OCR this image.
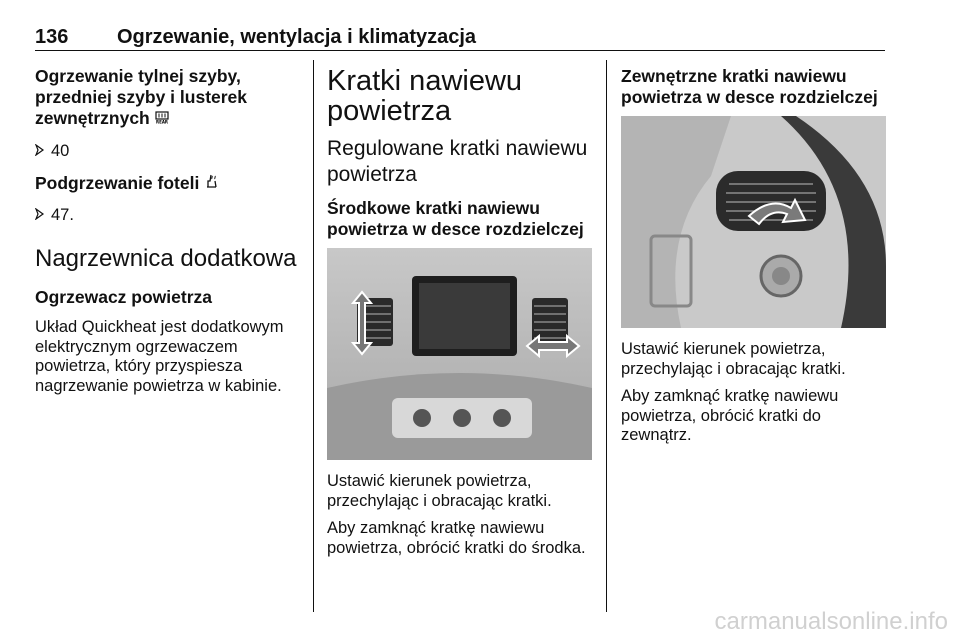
136 Ogrzewanie, wentylacja i klimatyzacja
Ogrzewanie tylnej szyby, przedniej szyby i lusterek zewnętrznych REAR
40
Podgrzewanie foteli
47.
Nagrzewnica dodatkowa
Ogrzewacz powietrza

Układ Quickheat jest dodatkowym elektrycznym ogrzewaczem powietrza, który przyspiesza nagrzewanie powietrza w kabinie.

Kratki nawiewu powietrza
Regulowane kratki nawiewu powietrza
Środkowe kratki nawiewu powietrza w desce rozdzielczej

Ustawić kierunek powietrza, przechylając i obracając kratki.

Aby zamknąć kratkę nawiewu powietrza, obrócić kratki do środka.

Zewnętrzne kratki nawiewu powietrza w desce rozdzielczej

Ustawić kierunek powietrza, przechylając i obracając kratki.

Aby zamknąć kratkę nawiewu powietrza, obrócić kratki do zewnątrz.

carmanualsonline.info
